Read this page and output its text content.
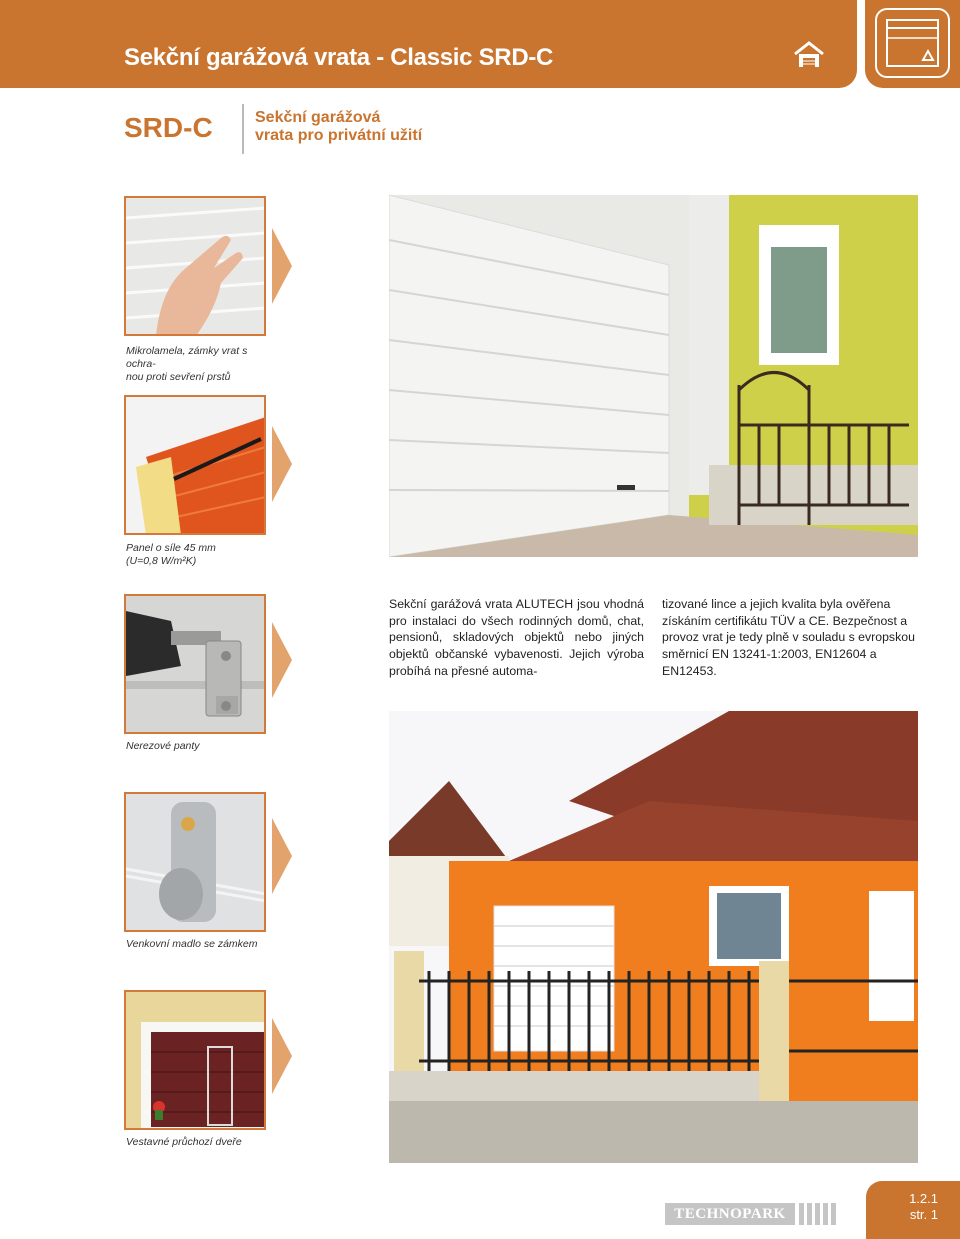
Sekční garážová vrata - Classic SRD-C
SRD-C	Sekční garážová
vrata pro privátní užití
Mikrolamela, zámky vrat s ochra-
nou proti sevření prstů
Panel o síle 45 mm
(U=0,8 W/m²K)
Nerezové panty
Venkovní madlo se zámkem
Vestavné průchozí dveře
Sekční garážová vrata ALUTECH jsou vhodná pro instalaci do všech rodinných domů, chat, pensionů, skladových objektů nebo jiných objektů občanské vybavenosti. Jejich výroba probíhá na přesné automa-
tizované lince a jejich kvalita byla ověřena získáním certifikátu TÜV a CE. Bezpečnost a provoz vrat je tedy plně v souladu s evropskou směrnicí EN 13241-1:2003, EN12604 a EN12453.
TECHNOPARK
1.2.1
str. 1
